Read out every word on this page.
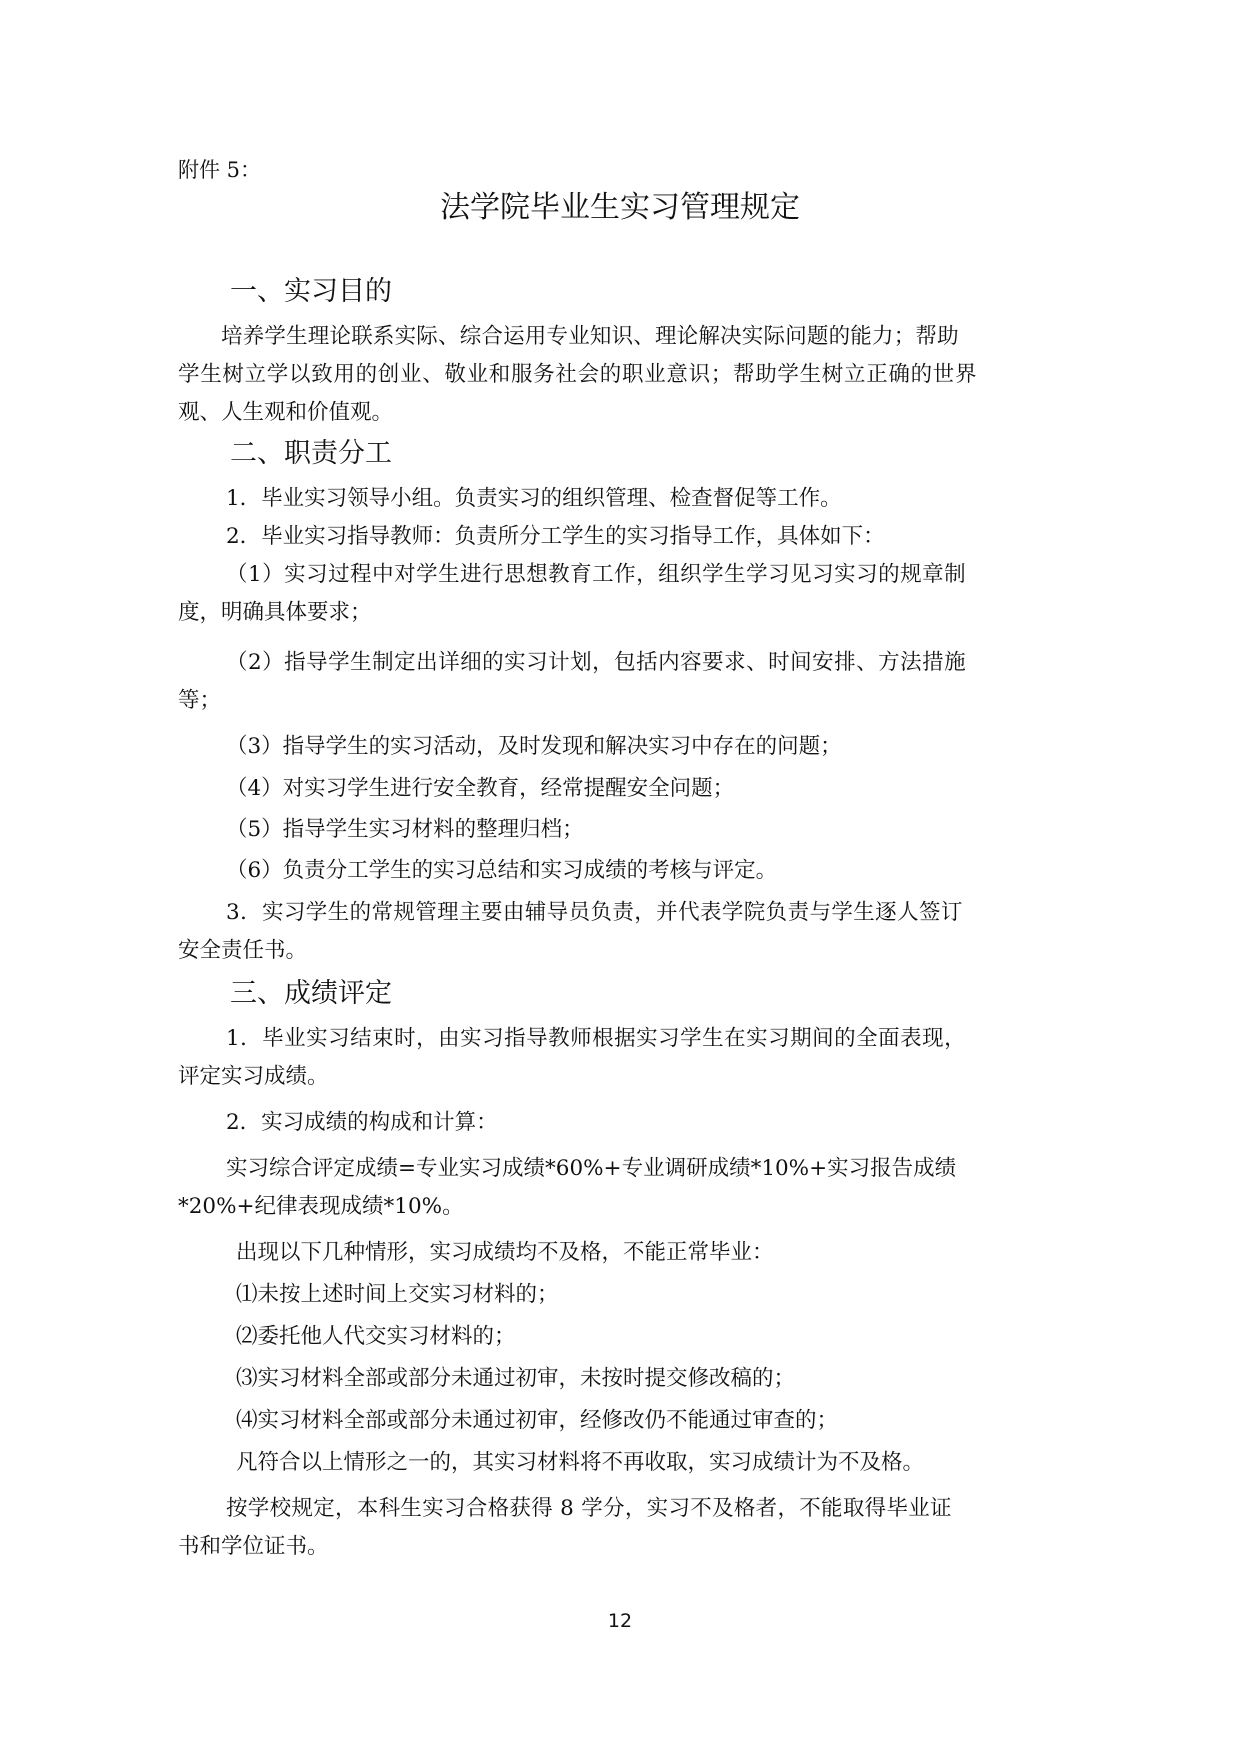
附件 5：
法学院毕业生实习管理规定
一、实习目的
培养学生理论联系实际、综合运用专业知识、理论解决实际问题的能力；帮助
学生树立学以致用的创业、敬业和服务社会的职业意识；帮助学生树立正确的世界
观、人生观和价值观。
二、职责分工
1．毕业实习领导小组。负责实习的组织管理、检查督促等工作。
2．毕业实习指导教师：负责所分工学生的实习指导工作，具体如下：
（1）实习过程中对学生进行思想教育工作，组织学生学习见习实习的规章制
度，明确具体要求；
（2）指导学生制定出详细的实习计划，包括内容要求、时间安排、方法措施
等；
（3）指导学生的实习活动，及时发现和解决实习中存在的问题；
（4）对实习学生进行安全教育，经常提醒安全问题；
（5）指导学生实习材料的整理归档；
（6）负责分工学生的实习总结和实习成绩的考核与评定。
3．实习学生的常规管理主要由辅导员负责，并代表学院负责与学生逐人签订
安全责任书。
三、成绩评定
1．毕业实习结束时，由实习指导教师根据实习学生在实习期间的全面表现，
评定实习成绩。
2．实习成绩的构成和计算：
实习综合评定成绩=专业实习成绩*60%+专业调研成绩*10%+实习报告成绩
*20%+纪律表现成绩*10%。
出现以下几种情形，实习成绩均不及格，不能正常毕业：
⑴未按上述时间上交实习材料的；
⑵委托他人代交实习材料的；
⑶实习材料全部或部分未通过初审，未按时提交修改稿的；
⑷实习材料全部或部分未通过初审，经修改仍不能通过审查的；
凡符合以上情形之一的，其实习材料将不再收取，实习成绩计为不及格。
按学校规定，本科生实习合格获得 8 学分，实习不及格者，不能取得毕业证
书和学位证书。
12
